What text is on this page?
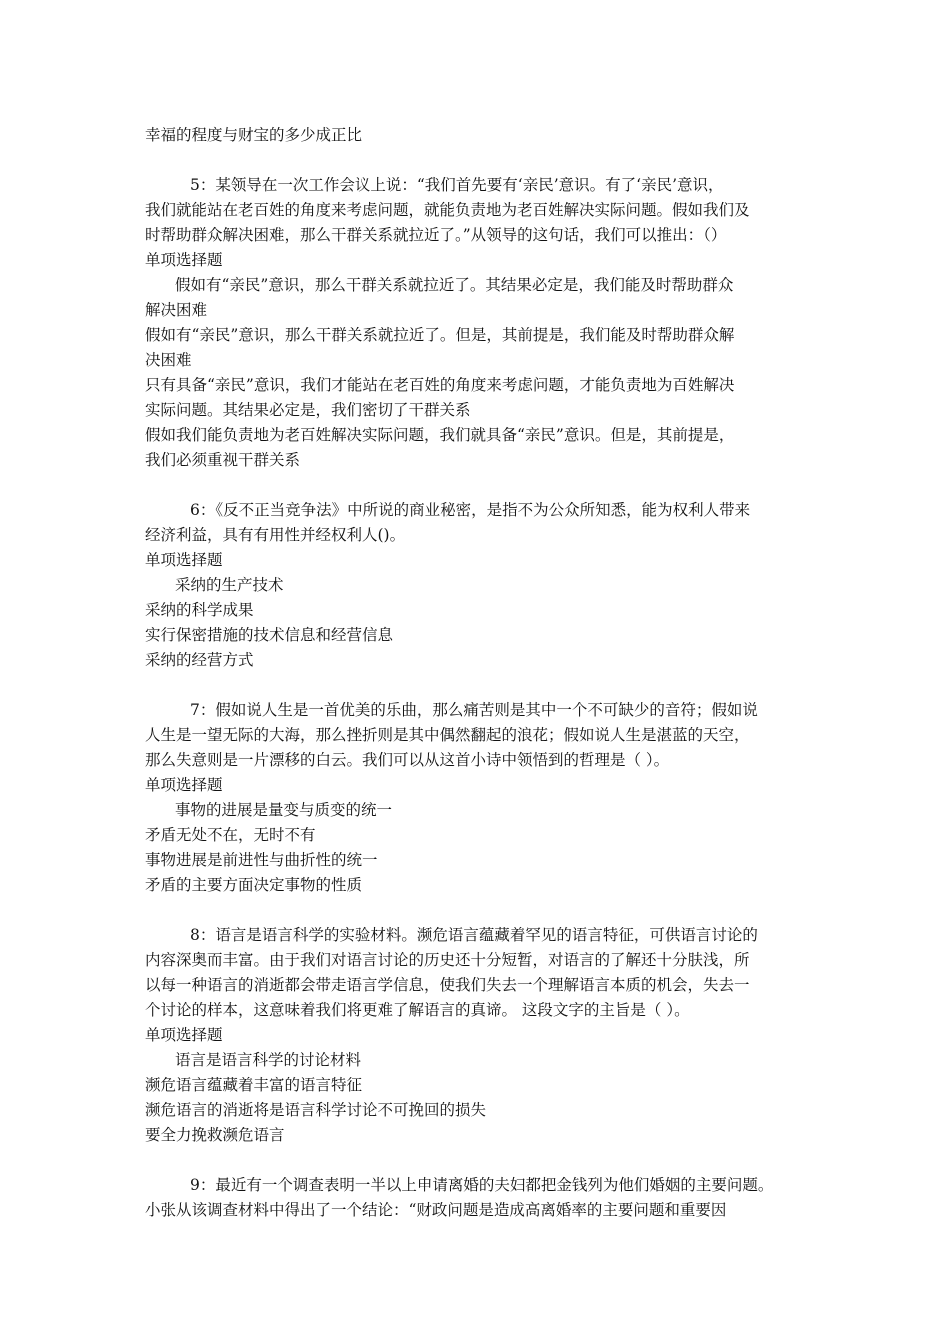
幸福的程度与财宝的多少成正比
5：某领导在一次工作会议上说：“我们首先要有‘亲民’意识。有了‘亲民’意识，
我们就能站在老百姓的角度来考虑问题，就能负责地为老百姓解决实际问题。假如我们及
时帮助群众解决困难，那么干群关系就拉近了。”从领导的这句话，我们可以推出：（）
单项选择题
假如有“亲民”意识，那么干群关系就拉近了。其结果必定是，我们能及时帮助群众
解决困难
假如有“亲民”意识，那么干群关系就拉近了。但是，其前提是，我们能及时帮助群众解
决困难
只有具备“亲民”意识，我们才能站在老百姓的角度来考虑问题，才能负责地为百姓解决
实际问题。其结果必定是，我们密切了干群关系
假如我们能负责地为老百姓解决实际问题，我们就具备“亲民”意识。但是，其前提是，
我们必须重视干群关系
6：《反不正当竞争法》中所说的商业秘密，是指不为公众所知悉，能为权利人带来
经济利益，具有有用性并经权利人()。
单项选择题
采纳的生产技术
采纳的科学成果
实行保密措施的技术信息和经营信息
采纳的经营方式
7：假如说人生是一首优美的乐曲，那么痛苦则是其中一个不可缺少的音符；假如说
人生是一望无际的大海，那么挫折则是其中偶然翻起的浪花；假如说人生是湛蓝的天空，
那么失意则是一片漂移的白云。我们可以从这首小诗中领悟到的哲理是（ ）。
单项选择题
事物的进展是量变与质变的统一
矛盾无处不在，无时不有
事物进展是前进性与曲折性的统一
矛盾的主要方面决定事物的性质
8：语言是语言科学的实验材料。濒危语言蕴藏着罕见的语言特征，可供语言讨论的
内容深奥而丰富。由于我们对语言讨论的历史还十分短暂，对语言的了解还十分肤浅，所
以每一种语言的消逝都会带走语言学信息，使我们失去一个理解语言本质的机会，失去一
个讨论的样本，这意味着我们将更难了解语言的真谛。 这段文字的主旨是（ ）。
单项选择题
语言是语言科学的讨论材料
濒危语言蕴藏着丰富的语言特征
濒危语言的消逝将是语言科学讨论不可挽回的损失
要全力挽救濒危语言
9：最近有一个调查表明一半以上申请离婚的夫妇都把金钱列为他们婚姻的主要问题。
小张从该调查材料中得出了一个结论：“财政问题是造成高离婚率的主要问题和重要因
